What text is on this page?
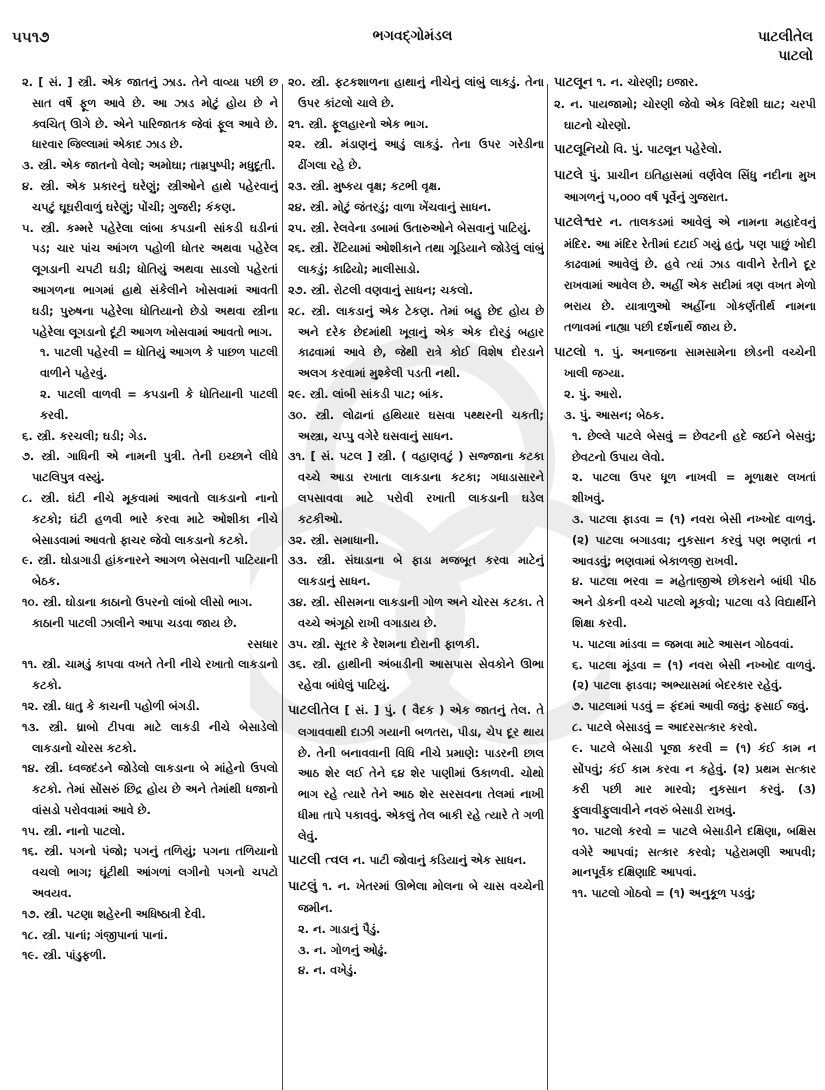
૫૫૧૭	ભગવદ્ગોમંડલ	પાટલીતેલ
પાટલો
૨. [ સં. ] સ્ત્રી. એક જાતનું ઝાડ. તેને વાવ્યા પછી છ સાત વર્ષે ફૂળ આવે છે. આ ઝાડ મોટું હોય છે ને ક્વચિત્ ઊગે છે. એને પારિજાતક જેવાં ફૂલ આવે છે. ધારવાર જિલ્લામાં એકાદ ઝાડ છે.
૩. સ્ત્રી. એક જાતનો વેલો; અમોઘા; તામ્રપુષ્પી; મધુદૂતી.
૪. સ્ત્રી. એક પ્રકારનું ઘરેણું; સ્ત્રીઓને હાથે પહેરવાનું ચપટું ઘૂઘરીવાળું ઘરેણું; પોંચી; ગુજરી; કંકણ.
૫. સ્ત્રી. કમ્મરે પહેરેલા લાંબા કપડાની સાંકડી ઘડીનાં પડ; ચાર પાંચ આંગળ પહોળી ધોતર અથવા પહેરેલ લૂગડાની ચપટી ઘડી; ધોતિયું અથવા સાડલો પહેરતાં આગળના ભાગમાં હાથે સંકેલીને ખોસવામાં આવતી ઘડી; પુરુષના પહેરેલા ધોતિયાનો છેડો અથવા સ્ત્રીના પહેરેલા લૂગડાનો દૂંટી આગળ ખોસવામાં આવતો ભાગ.
૧. પાટલી પહેરવી = ધોતિયું આગળ કે પાછળ પાટલી વાળીને પહેરવું.
૨. પાટલી વાળવી = કપડાની કે ધોતિયાની પાટલી કરવી.
૬. સ્ત્રી. કરચલી; ઘડી; ગેડ.
૭. સ્ત્રી. ગાધિની એ નામની પુત્રી. તેની ઇચ્છાને લીધે પાટલિપુત્ર વસ્યું.
૮. સ્ત્રી. ઘંટી નીચે મૂકવામાં આવતો લાકડાનો નાનો કટકો; ઘંટી હળવી ભારે કરવા માટે ઓશીકા નીચે બેસાડવામાં આવતો ફાચર જેવો લાકડાનો કટકો.
૯. સ્ત્રી. ઘોડાગાડી હાંકનારને આગળ બેસવાની પાટિયાની બેઠક.
૧૦. સ્ત્રી. ઘોડાના કાઠાનો ઉપરનો લાંબો લીસો ભાગ.
કાઠાની પાટલી ઝાલીને આપા ચડવા જાય છે.
રસધાર
૧૧. સ્ત્રી. ચામડું કાપવા વખતે તેની નીચે રખાતો લાકડાનો કટકો.
૧૨. સ્ત્રી. ધાતુ કે કાચની પહોળી બંગડી.
૧૩. સ્ત્રી. ધ્રાબો ટીપવા માટે લાકડી નીચે બેસાડેલો લાકડાનો ચોરસ કટકો.
૧૪. સ્ત્રી. ધ્વજદંડને જોડેલો લાકડાના બે માંહેનો ઉપલો કટકો. તેમાં સોંસરું છિદ્ર હોય છે અને તેમાંથી ધજાનો વાંસડો પરોવવામાં આવે છે.
૧૫. સ્ત્રી. નાનો પાટલો.
૧૬. સ્ત્રી. પગનો પંજો; પગનું તળિયું; પગના તળિયાનો વચલો ભાગ; ઘૂંટીથી આંગળાં લગીનો પગનો ચપટો અવયવ.
૧૭. સ્ત્રી. પટણા શહેરની અધિષ્ઠાત્રી દેવી.
૧૮. સ્ત્રી. પાનાં; ગંજીપાનાં પાનાં.
૧૯. સ્ત્રી. પાંડુફળી.
૨૦. સ્ત્રી. ફટકશાળના હાથાનું નીચેનું લાંબું લાકડું. તેના ઉપર કાંટલો ચાલે છે.
૨૧. સ્ત્રી. ફૂલહારનો એક ભાગ.
૨૨. સ્ત્રી. મંડાણનું આડું લાકડું. તેના ઉપર ગરેડીના ઢીંગલા રહે છે.
૨૩. સ્ત્રી. મુષ્કય વૃક્ષ; કટભી વૃક્ષ.
૨૪. સ્ત્રી. મોટું જંતરડું; વાળા ખેંચવાનું સાધન.
૨૫. સ્ત્રી. રેલવેના ડબામાં ઉતારુઓને બેસવાનું પાટિયું.
૨૬. સ્ત્રી. રેંટિયામાં ઓશીકાને તથા ગૂડિયાને જોડેલું લાંબું લાકડું; કાઢિયો; માલીસાડો.
૨૭. સ્ત્રી. રોટલી વણવાનું સાધન; ચકલો.
૨૮. સ્ત્રી. લાકડાનું એક ટેકણ. તેમાં બહુ છેદ હોય છે અને દરેક છેદમાંથી ખૂવાનું એક એક દોરડું બહાર કાઢવામાં આવે છે, જેથી રાત્રે કોઈ વિશેષ દોરડાને અલગ કરવામાં મુશ્કેલી પડતી નથી.
૨૯. સ્ત્રી. લાંબી સાંકડી પાટ; બાંક.
૩૦. સ્ત્રી. લોઢાનાં હથિયાર ઘસવા પથ્થરની ચકતી; અસ્ત્રા, ચપ્પુ વગેરે ઘસવાનું સાધન.
૩૧. [ સં. પટલ ] સ્ત્રી. ( વહાણવટું ) સજ્જાના કટકા વચ્ચે આડા રખાતા લાકડાના કટકા; ગધાડાસારને લપસાવવા માટે પરોવી રખાતી લાકડાની ઘડેલ કટકીઓ.
૩૨. સ્ત્રી. સમાધાની.
૩૩. સ્ત્રી. સંઘાડાના બે ફાડા મજબૂત કરવા માટેનું લાકડાનું સાધન.
૩૪. સ્ત્રી. સીસમના લાકડાની ગોળ અને ચોરસ કટકા. તે વચ્ચે અંગૂઠો રાખી વગાડાય છે.
૩૫. સ્ત્રી. સૂતર કે રેશમના દોરાની ફાળકી.
૩૬. સ્ત્રી. હાથીની અંબાડીની આસપાસ સેવકોને ઊભા રહેવા બાંધેલું પાટિયું.
પાટલીતેલ [ સં. ] પું. ( વૈદક ) એક જાતનું તેલ. તે લગાવવાથી દાઝી ગયાની બળતરા, પીડા, ચેપ દૂર થાય છે. તેની બનાવવાની વિધિ નીચે પ્રમાણે: પાડરની છાલ આઠ શેર લઈ તેને ૬૪ શેર પાણીમાં ઉકાળવી. ચોથો ભાગ રહે ત્યારે તેને આઠ શેર સરસવના તેલમાં નાખી ધીમા તાપે પકાવવું. એકલું તેલ બાકી રહે ત્યારે તે ગળી લેવું.
પાટલી ત્વલ ન. પાટી જોવાનું કડિયાનું એક સાધન.
પાટલું ૧. ન. ખેતરમાં ઊભેલા મોલના બે ચાસ વચ્ચેની જમીન.
૨. ન. ગાડાનું પૈડું.
૩. ન. ગોળનું ઓઢું.
૪. ન. વખેડું.
પાટલૂન ૧. ન. ચોરણી; ઇજાર.
૨. ન. પાયજામો; ચોરણી જેવો એક વિદેશી ઘાટ; ચરપી ઘાટનો ચોરણો.
પાટલૂનિયો વિ. પું. પાટલૂન પહેરેલો.
પાટલે પું. પ્રાચીન ઇતિહાસમાં વર્ણવેલ સિંધુ નદીના મુખ આગળનું ૫,૦૦૦ વર્ષ પૂર્વેનું ગુજરાત.
પાટલેશ્વર ન. તાલકડમાં આવેલું એ નામના મહાદેવનું મંદિર. આ મંદિર રેતીમાં દટાઈ ગયું હતું, પણ પાછું ખોદી કાઢવામાં આવેલું છે. હવે ત્યાં ઝાડ વાવીને રેતીને દૂર રાખવામાં આવેલ છે. અહીં એક સદીમાં ત્રણ વખત મેળો ભરાય છે. યાત્રાળુઓ અહીંના ગોકર્ણતીર્થ નામના તળાવમાં નાહ્યા પછી દર્શનાર્થે જાય છે.
પાટલો ૧. પું. અનાજના સામસામેના છોડની વચ્ચેની ખાલી જગ્યા.
૨. પું. આરો.
૩. પું. આસન; બેઠક.
૧. છેલ્લે પાટલે બેસવું = છેવટની હદે જઈને બેસવું; છેવટનો ઉપાય લેવો.
૨. પાટલા ઉપર ધૂળ નાખવી = મૂળાક્ષર લખતાં શીખવું.
૩. પાટલા ફાડવા = (૧) નવરા બેસી નખ્ખોદ વાળવું. (૨) પાટલા બગાડવા; નુકસાન કરવું પણ ભણતાં ન આવડવું; ભણવામાં બેકાળજી રાખવી.
૪. પાટલા ભરવા = મહેતાજીએ છોકરાને બાંધી પીઠ અને ડોકની વચ્ચે પાટલો મૂકવો; પાટલા વડે વિદ્યાર્થીને શિક્ષા કરવી.
૫. પાટલા માંડવા = જમવા માટે આસન ગોઠવવાં.
૬. પાટલા મૂંડવા = (૧) નવરા બેસી નખ્ખોદ વાળવું. (૨) પાટલા ફાડવા; અભ્યાસમાં બેદરકાર રહેવું.
૭. પાટલામાં પડવું = ફંદમાં આવી જવું; ફસાઈ જવું.
૮. પાટલે બેસાડવું = આદરસત્કાર કરવો.
૯. પાટલે બેસાડી પૂજા કરવી = (૧) કંઈ કામ ન સોંપવું; કંઈ કામ કરવા ન કહેવું. (૨) પ્રથમ સત્કાર કરી પછી માર મારવો; નુકસાન કરવું. (૩) ફુલાવીફુલાવીને નવરું બેસાડી રાખવું.
૧૦. પાટલો કરવો = પાટલે બેસાડીને દક્ષિણા, બક્ષિસ વગેરે આપવાં; સત્કાર કરવો; પહેરામણી આપવી; માનપૂર્વક દક્ષિણાદિ આપવાં.
૧૧. પાટલો ગોઠવો = (૧) અનુકૂળ પડવું;
